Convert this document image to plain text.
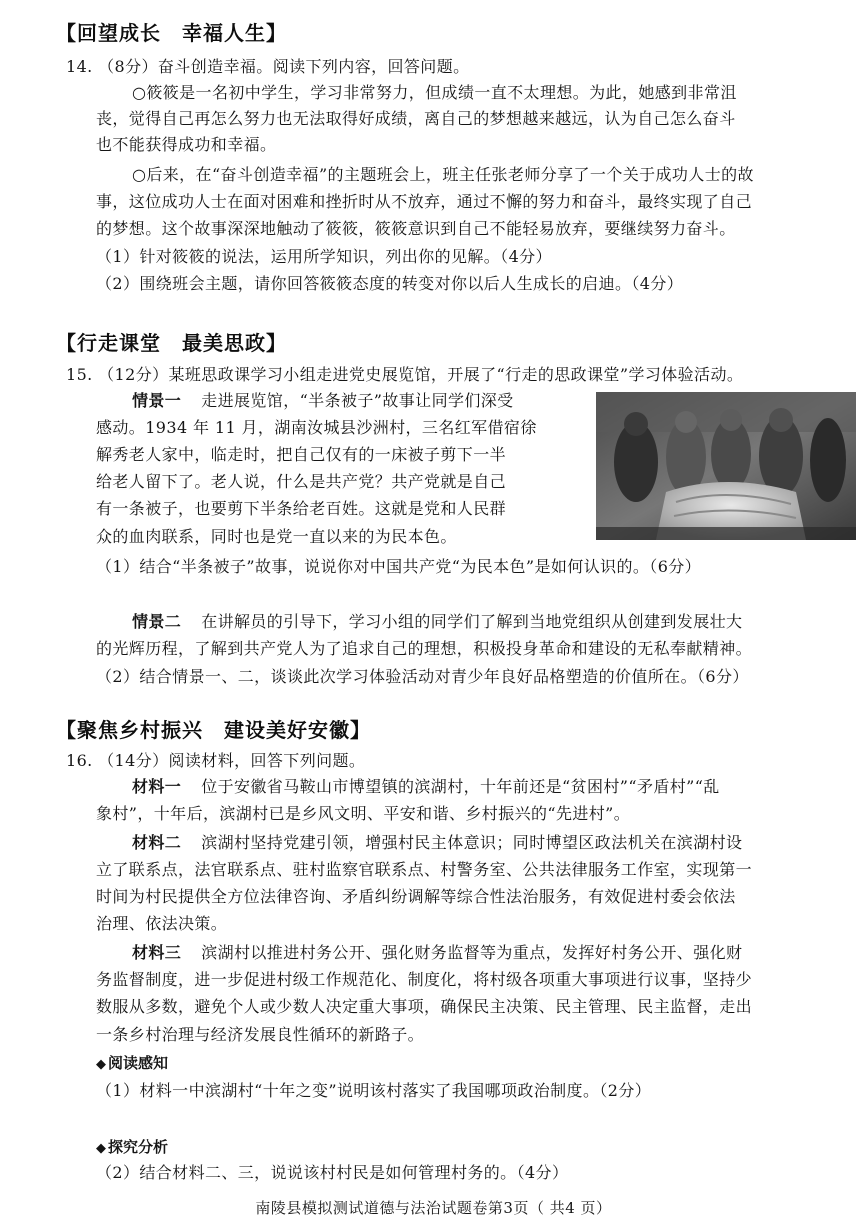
【回望成长　幸福人生】
14. （8分）奋斗创造幸福。阅读下列内容，回答问题。
○筱筱是一名初中学生，学习非常努力，但成绩一直不太理想。为此，她感到非常沮
丧，觉得自己再怎么努力也无法取得好成绩，离自己的梦想越来越远，认为自己怎么奋斗
也不能获得成功和幸福。
○后来，在“奋斗创造幸福”的主题班会上，班主任张老师分享了一个关于成功人士的故
事，这位成功人士在面对困难和挫折时从不放弃，通过不懈的努力和奋斗，最终实现了自己
的梦想。这个故事深深地触动了筱筱，筱筱意识到自己不能轻易放弃，要继续努力奋斗。
（1）针对筱筱的说法，运用所学知识，列出你的见解。（4分）
（2）围绕班会主题，请你回答筱筱态度的转变对你以后人生成长的启迪。（4分）
【行走课堂　最美思政】
15. （12分）某班思政课学习小组走进党史展览馆，开展了“行走的思政课堂”学习体验活动。
情景一 走进展览馆，“半条被子”故事让同学们深受
感动。1934 年 11 月，湖南汝城县沙洲村，三名红军借宿徐
解秀老人家中，临走时，把自己仅有的一床被子剪下一半
给老人留下了。老人说，什么是共产党？共产党就是自己
有一条被子，也要剪下半条给老百姓。这就是党和人民群
众的血肉联系，同时也是党一直以来的为民本色。
（1）结合“半条被子”故事，说说你对中国共产党“为民本色”是如何认识的。（6分）
情景二 在讲解员的引导下，学习小组的同学们了解到当地党组织从创建到发展壮大
的光辉历程，了解到共产党人为了追求自己的理想，积极投身革命和建设的无私奉献精神。
（2）结合情景一、二，谈谈此次学习体验活动对青少年良好品格塑造的价值所在。（6分）
【聚焦乡村振兴　建设美好安徽】
16. （14分）阅读材料，回答下列问题。
材料一 位于安徽省马鞍山市博望镇的滨湖村，十年前还是“贫困村”“矛盾村”“乱
象村”，十年后，滨湖村已是乡风文明、平安和谐、乡村振兴的“先进村”。
材料二 滨湖村坚持党建引领，增强村民主体意识；同时博望区政法机关在滨湖村设
立了联系点，法官联系点、驻村监察官联系点、村警务室、公共法律服务工作室，实现第一
时间为村民提供全方位法律咨询、矛盾纠纷调解等综合性法治服务，有效促进村委会依法
治理、依法决策。
材料三 滨湖村以推进村务公开、强化财务监督等为重点，发挥好村务公开、强化财
务监督制度，进一步促进村级工作规范化、制度化，将村级各项重大事项进行议事，坚持少
数服从多数，避免个人或少数人决定重大事项，确保民主决策、民主管理、民主监督，走出
一条乡村治理与经济发展良性循环的新路子。
◆ 阅读感知
（1）材料一中滨湖村“十年之变”说明该村落实了我国哪项政治制度。（2分）
◆ 探究分析
（2）结合材料二、三，说说该村村民是如何管理村务的。（4分）
南陵县模拟测试道德与法治试题卷第3页（ 共4 页）
